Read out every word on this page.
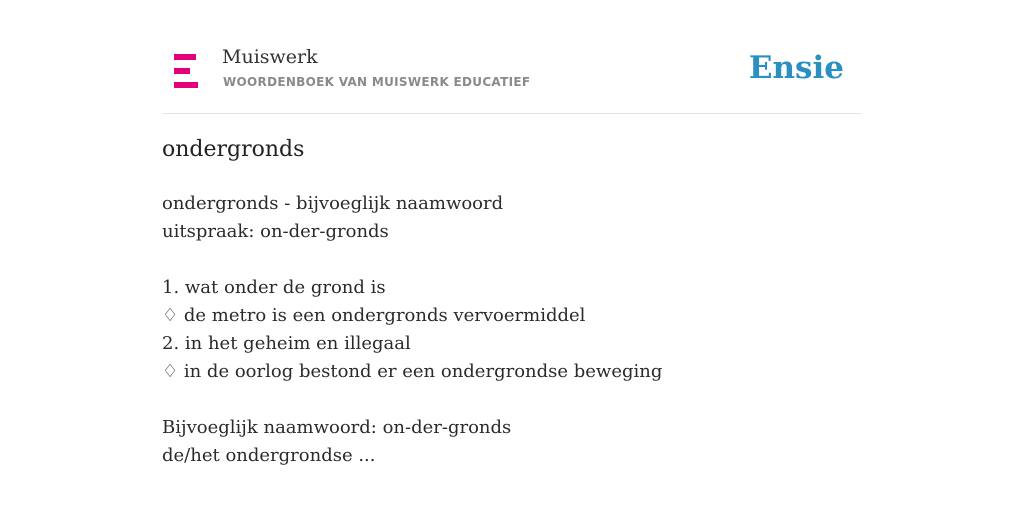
Muiswerk
WOORDENBOEK VAN MUISWERK EDUCATIEF	Ensie
ondergronds
ondergronds - bijvoeglijk naamwoord
uitspraak: on-der-gronds
1. wat onder de grond is
♢ de metro is een ondergronds vervoermiddel
2. in het geheim en illegaal
♢ in de oorlog bestond er een ondergrondse beweging
Bijvoeglijk naamwoord: on-der-gronds
de/het ondergrondse ...
